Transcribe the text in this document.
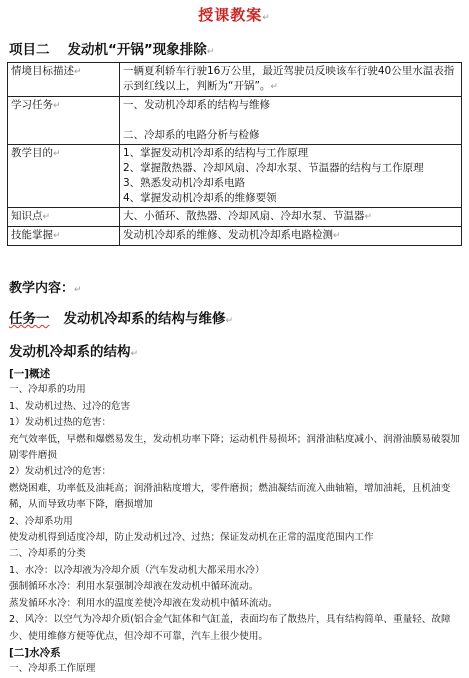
授课教案↵
项目二 发动机“开锅”现象排除↵
情境目标描述↵	一辆夏利轿车行驶16万公里，最近驾驶员反映该车行驶40公里水温表指示到红线以上，判断为“开锅”。↵
学习任务↵	一、发动机冷却系的结构与维修
二、冷却系的电路分析与检修

教学目的↵	1、掌握发动机冷却系的结构与工作原理
2、掌握散热器、冷却风扇、冷却水泵、节温器的结构与工作原理
3、熟悉发动机冷却系电路
4、掌握发动机冷却系的维修要领

知识点↵	大、小循环、散热器、冷却风扇、冷却水泵、节温器↵
技能掌握↵	发动机冷却系的维修、发动机冷却系电路检测↵
教学内容：↵
任务一 发动机冷却系的结构与维修↵
发动机冷却系的结构↵

[一]概述

一、冷却系的功用

1、发动机过热、过冷的危害

1）发动机过热的危害：

充气效率低，早燃和爆燃易发生，发动机功率下降；运动机件易损坏；润滑油粘度减小、润滑油膜易破裂加剧零件磨损

2）发动机过冷的危害：

燃烧困难，功率低及油耗高；润滑油粘度增大，零件磨损；燃油凝结而流入曲轴箱，增加油耗，且机油变稀，从而导致功率下降，磨损增加

2、冷却系功用

使发动机得到适度冷却，防止发动机过冷、过热；保证发动机在正常的温度范围内工作

二、冷却系的分类

1、水冷：以冷却液为冷却介质（汽车发动机大都采用水冷）

强制循环水冷：利用水泵强制冷却液在发动机中循环流动。

蒸发循环水冷：利用水的温度差使冷却液在发动机中循环流动。

2、风冷：以空气为冷却介质(铝合金气缸体和气缸盖，表面均布了散热片，具有结构简单、重量轻、故障少、使用维修方便等优点，但冷却不可靠，汽车上很少使用。

[二]水冷系

一、冷却系工作原理
